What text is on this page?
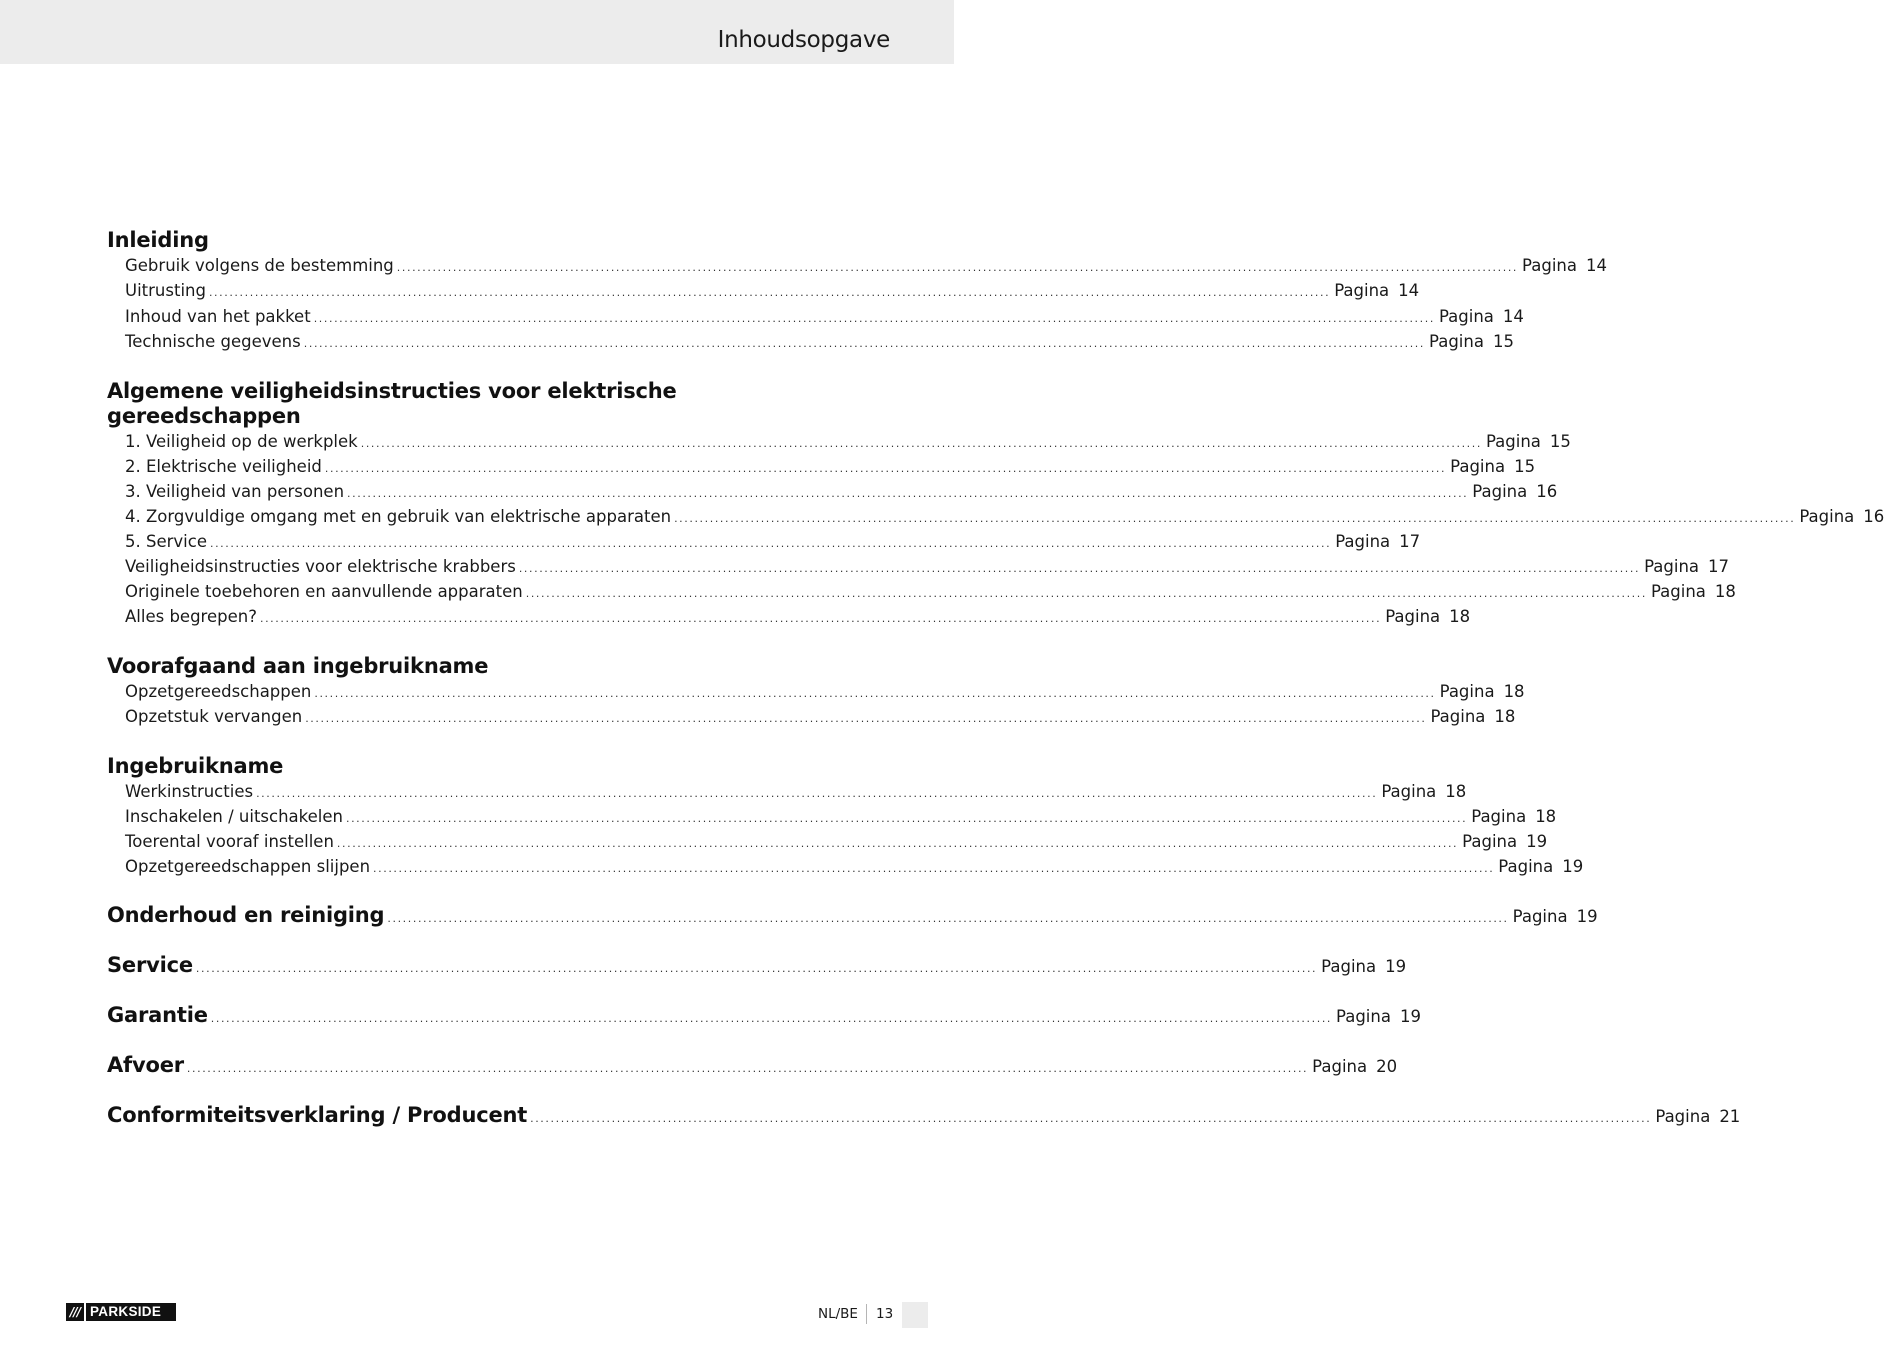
Inhoudsopgave
Inleiding
Gebruik volgens de bestemming ............................................................................................................................................................................................................................ Pagina 14
Uitrusting ............................................................................................................................................................................................................................ Pagina 14
Inhoud van het pakket ............................................................................................................................................................................................................................ Pagina 14
Technische gegevens ............................................................................................................................................................................................................................ Pagina 15
Algemene veiligheidsinstructies voor elektrische
gereedschappen
1. Veiligheid op de werkplek ............................................................................................................................................................................................................................ Pagina 15
2. Elektrische veiligheid ............................................................................................................................................................................................................................ Pagina 15
3. Veiligheid van personen ............................................................................................................................................................................................................................ Pagina 16
4. Zorgvuldige omgang met en gebruik van elektrische apparaten ............................................................................................................................................................................................................................ Pagina 16
5. Service ............................................................................................................................................................................................................................ Pagina 17
Veiligheidsinstructies voor elektrische krabbers ............................................................................................................................................................................................................................ Pagina 17
Originele toebehoren en aanvullende apparaten ............................................................................................................................................................................................................................ Pagina 18
Alles begrepen? ............................................................................................................................................................................................................................ Pagina 18
Voorafgaand aan ingebruikname
Opzetgereedschappen ............................................................................................................................................................................................................................ Pagina 18
Opzetstuk vervangen ............................................................................................................................................................................................................................ Pagina 18
Ingebruikname
Werkinstructies ............................................................................................................................................................................................................................ Pagina 18
Inschakelen / uitschakelen ............................................................................................................................................................................................................................ Pagina 18
Toerental vooraf instellen ............................................................................................................................................................................................................................ Pagina 19
Opzetgereedschappen slijpen ............................................................................................................................................................................................................................ Pagina 19
Onderhoud en reiniging ............................................................................................................................................................................................................................ Pagina 19
Service ............................................................................................................................................................................................................................ Pagina 19
Garantie ............................................................................................................................................................................................................................ Pagina 19
Afvoer ............................................................................................................................................................................................................................ Pagina 20
Conformiteitsverklaring / Producent ............................................................................................................................................................................................................................ Pagina 21
/// PARKSIDE	NL/BE 13
